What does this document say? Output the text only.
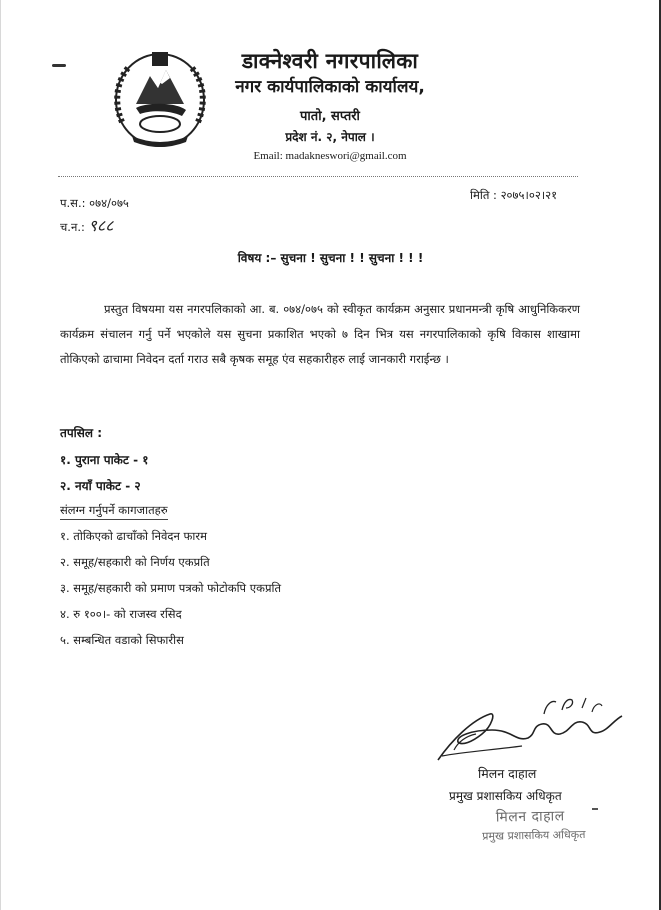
डाक्नेश्वरी नगरपालिका
नगर कार्यपालिकाको कार्यालय,
पातो, सप्तरी
प्रदेश नं. २, नेपाल ।
Email: madakneswori@gmail.com
प.स.: ०७४/०७५
च.न.: ९८८
मिति : २०७५।०२।२१
विषय :– सुचना ! सुचना ! ! सुचना ! ! !

प्रस्तुत विषयमा यस नगरपलिकाको आ. ब. ०७४/०७५ को स्वीकृत कार्यक्रम अनुसार प्रधानमन्त्री कृषि आधुनिकिकरण कार्यक्रम संचालन गर्नु पर्ने भएकोले यस सुचना प्रकाशित भएको ७ दिन भित्र यस नगरपालिकाको कृषि विकास शाखामा तोकिएको ढाचामा निवेदन दर्ता गराउ सबै कृषक समूह एंव सहकारीहरु लाई जानकारी गराईन्छ ।

तपसिल :
१. पुराना पाकेट - १
२. नयाँ पाकेट - २
संलग्न गर्नुपर्ने कागजातहरु
१. तोकिएको ढाचाँको निवेदन फारम
२. समूह/सहकारी को निर्णय एकप्रति
३. समूह/सहकारी को प्रमाण पत्रको फोटोकपि एकप्रति
४. रु १००।- को राजस्व रसिद
५. सम्बन्धित वडाको सिफारीस
मिलन दाहाल
प्रमुख प्रशासकिय अधिकृत
मिलन दाहाल
प्रमुख प्रशासकिय अधिकृत
